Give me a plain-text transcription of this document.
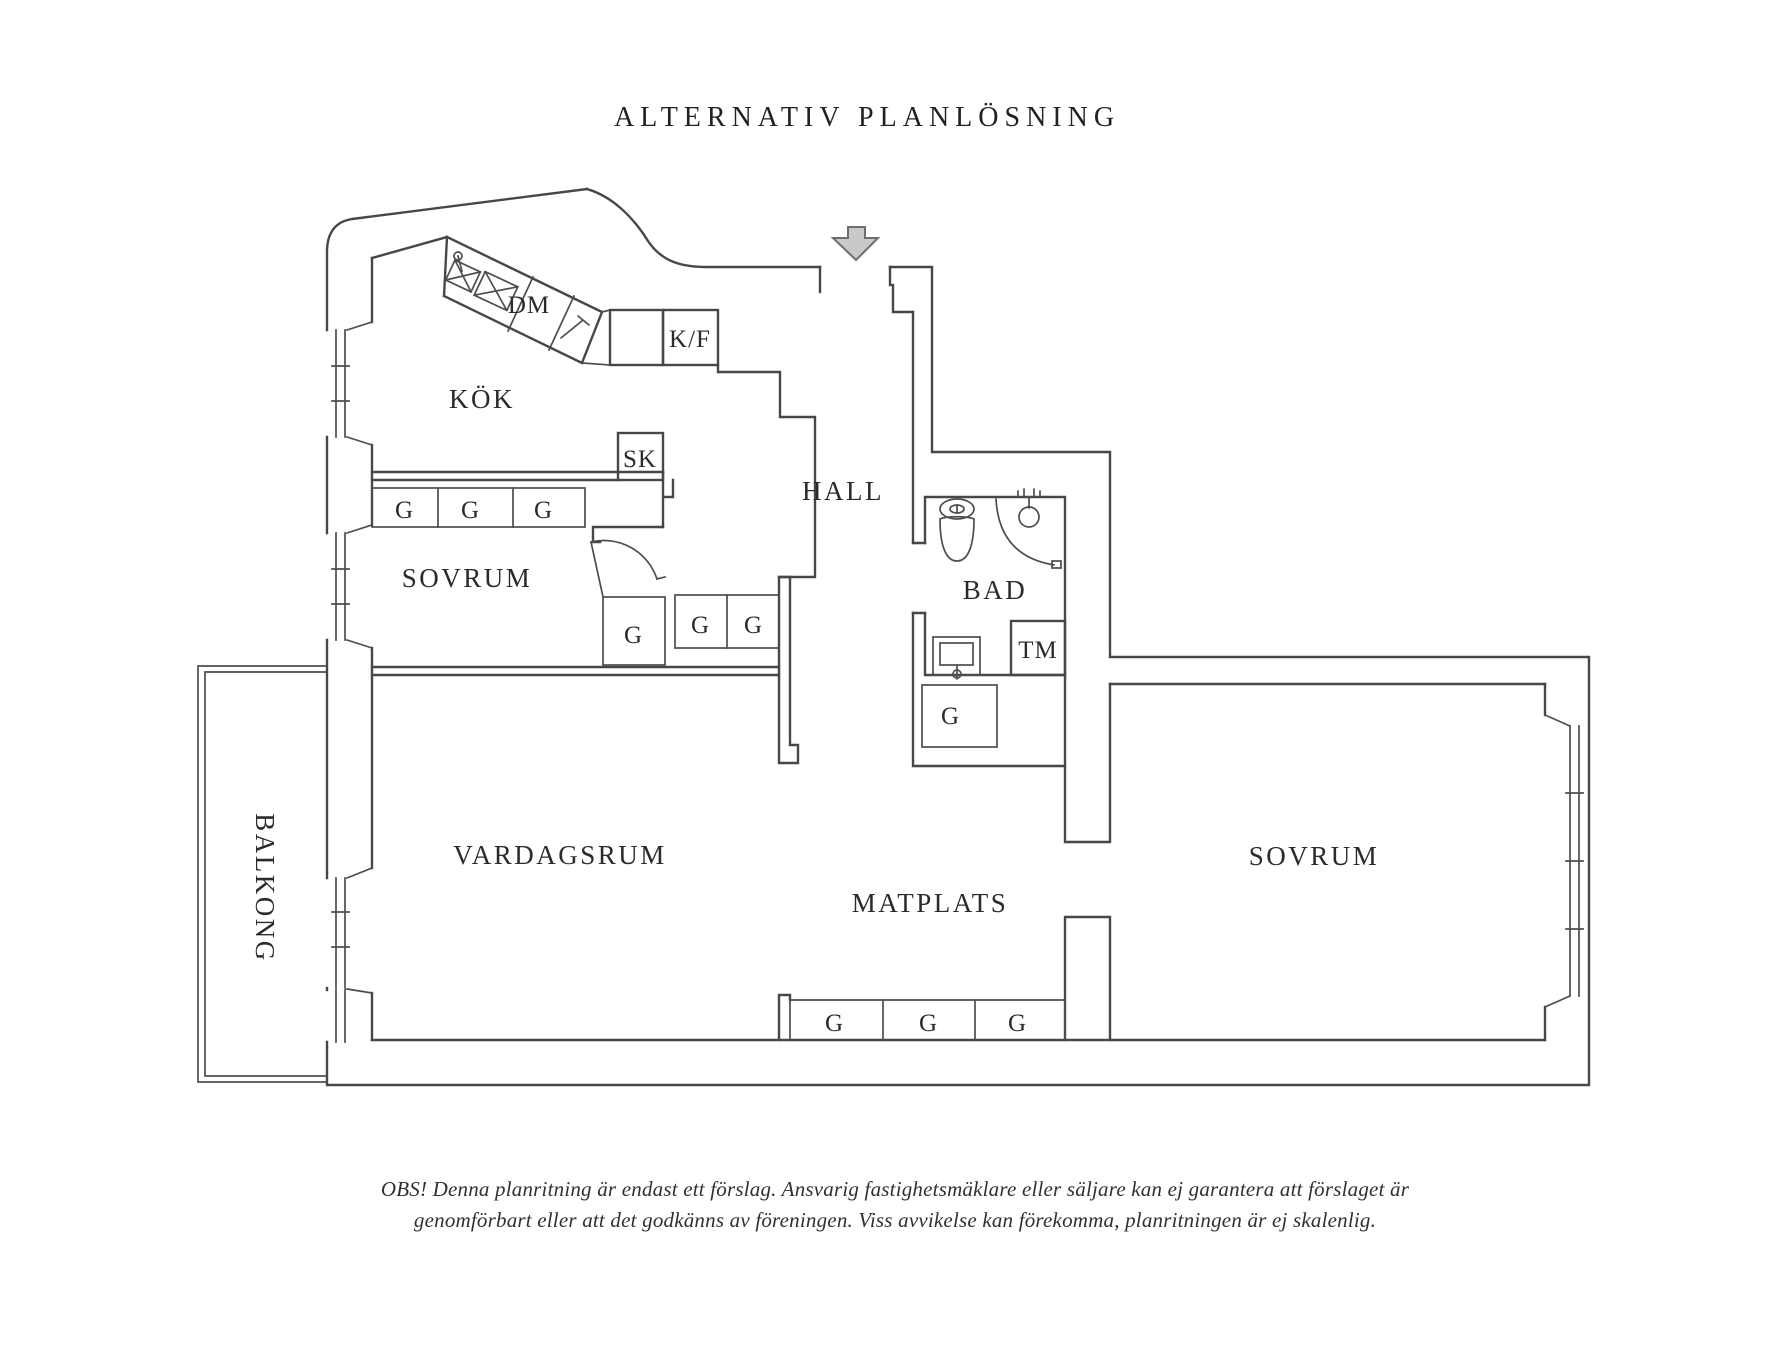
ALTERNATIV PLANLÖSNING
BALKONG
DM
K/F
KÖK
SK
G G G
SOVRUM
G G G
HALL
TM
BAD
G
SOVRUM
VARDAGSRUM
MATPLATS
G	G	G
OBS! Denna planritning är endast ett förslag. Ansvarig fastighetsmäklare eller säljare kan ej garantera att förslaget är
genomförbart eller att det godkänns av föreningen. Viss avvikelse kan förekomma, planritningen är ej skalenlig.
